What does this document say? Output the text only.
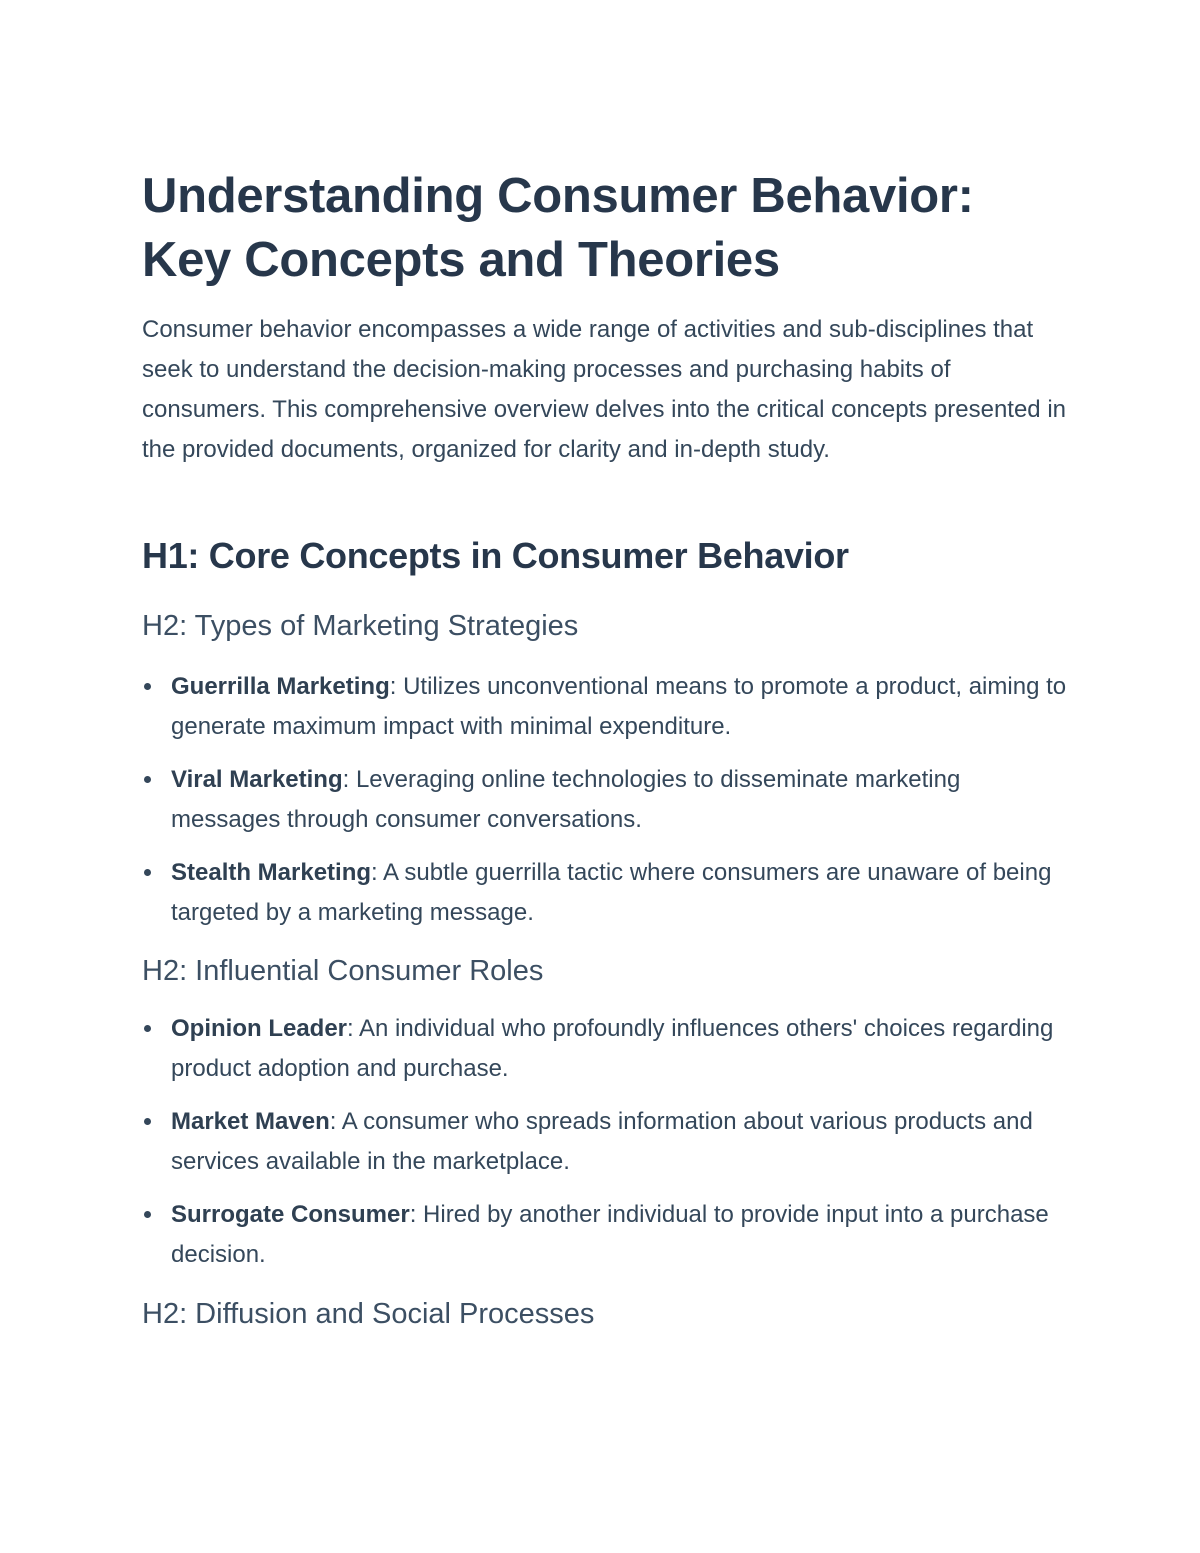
Understanding Consumer Behavior: Key Concepts and Theories

Consumer behavior encompasses a wide range of activities and sub-disciplines that seek to understand the decision-making processes and purchasing habits of consumers. This comprehensive overview delves into the critical concepts presented in the provided documents, organized for clarity and in-depth study.

H1: Core Concepts in Consumer Behavior
H2: Types of Marketing Strategies
Guerrilla Marketing: Utilizes unconventional means to promote a product, aiming to generate maximum impact with minimal expenditure.
Viral Marketing: Leveraging online technologies to disseminate marketing messages through consumer conversations.
Stealth Marketing: A subtle guerrilla tactic where consumers are unaware of being targeted by a marketing message.
H2: Influential Consumer Roles
Opinion Leader: An individual who profoundly influences others' choices regarding product adoption and purchase.
Market Maven: A consumer who spreads information about various products and services available in the marketplace.
Surrogate Consumer: Hired by another individual to provide input into a purchase decision.
H2: Diffusion and Social Processes
